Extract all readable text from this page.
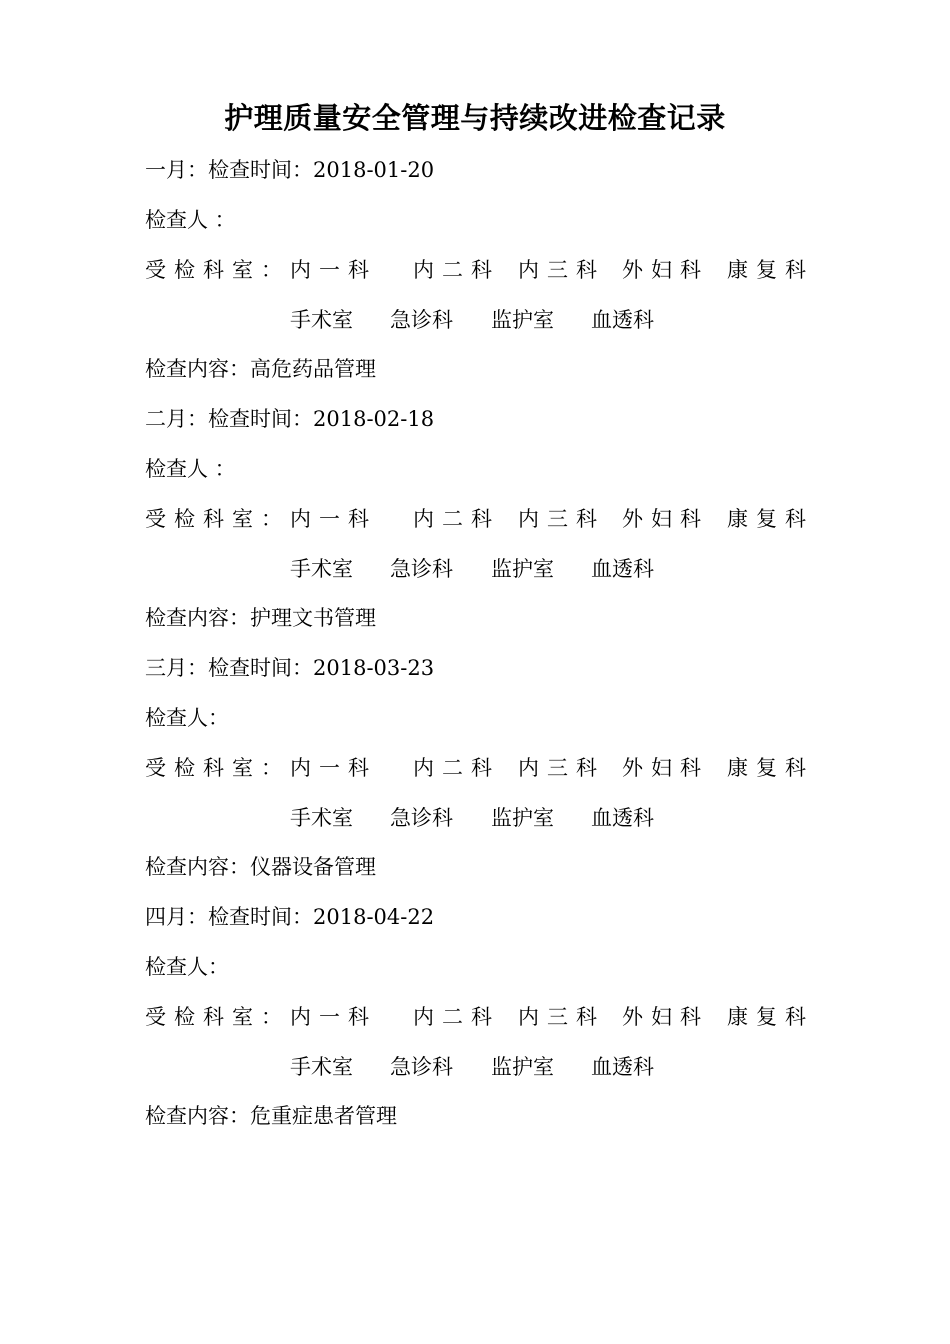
护理质量安全管理与持续改进检查记录
一月：检查时间：2018-01-20
检查人 ：
受检科室： 内一科 内二科 内三科 外妇科 康复科
手术室 急诊科 监护室 血透科
检查内容：高危药品管理
二月：检查时间：2018-02-18
检查人 ：
受检科室： 内一科 内二科 内三科 外妇科 康复科
手术室 急诊科 监护室 血透科
检查内容：护理文书管理
三月：检查时间：2018-03-23
检查人：
受检科室： 内一科 内二科 内三科 外妇科 康复科
手术室 急诊科 监护室 血透科
检查内容：仪器设备管理
四月：检查时间：2018-04-22
检查人：
受检科室： 内一科 内二科 内三科 外妇科 康复科
手术室 急诊科 监护室 血透科
检查内容：危重症患者管理
